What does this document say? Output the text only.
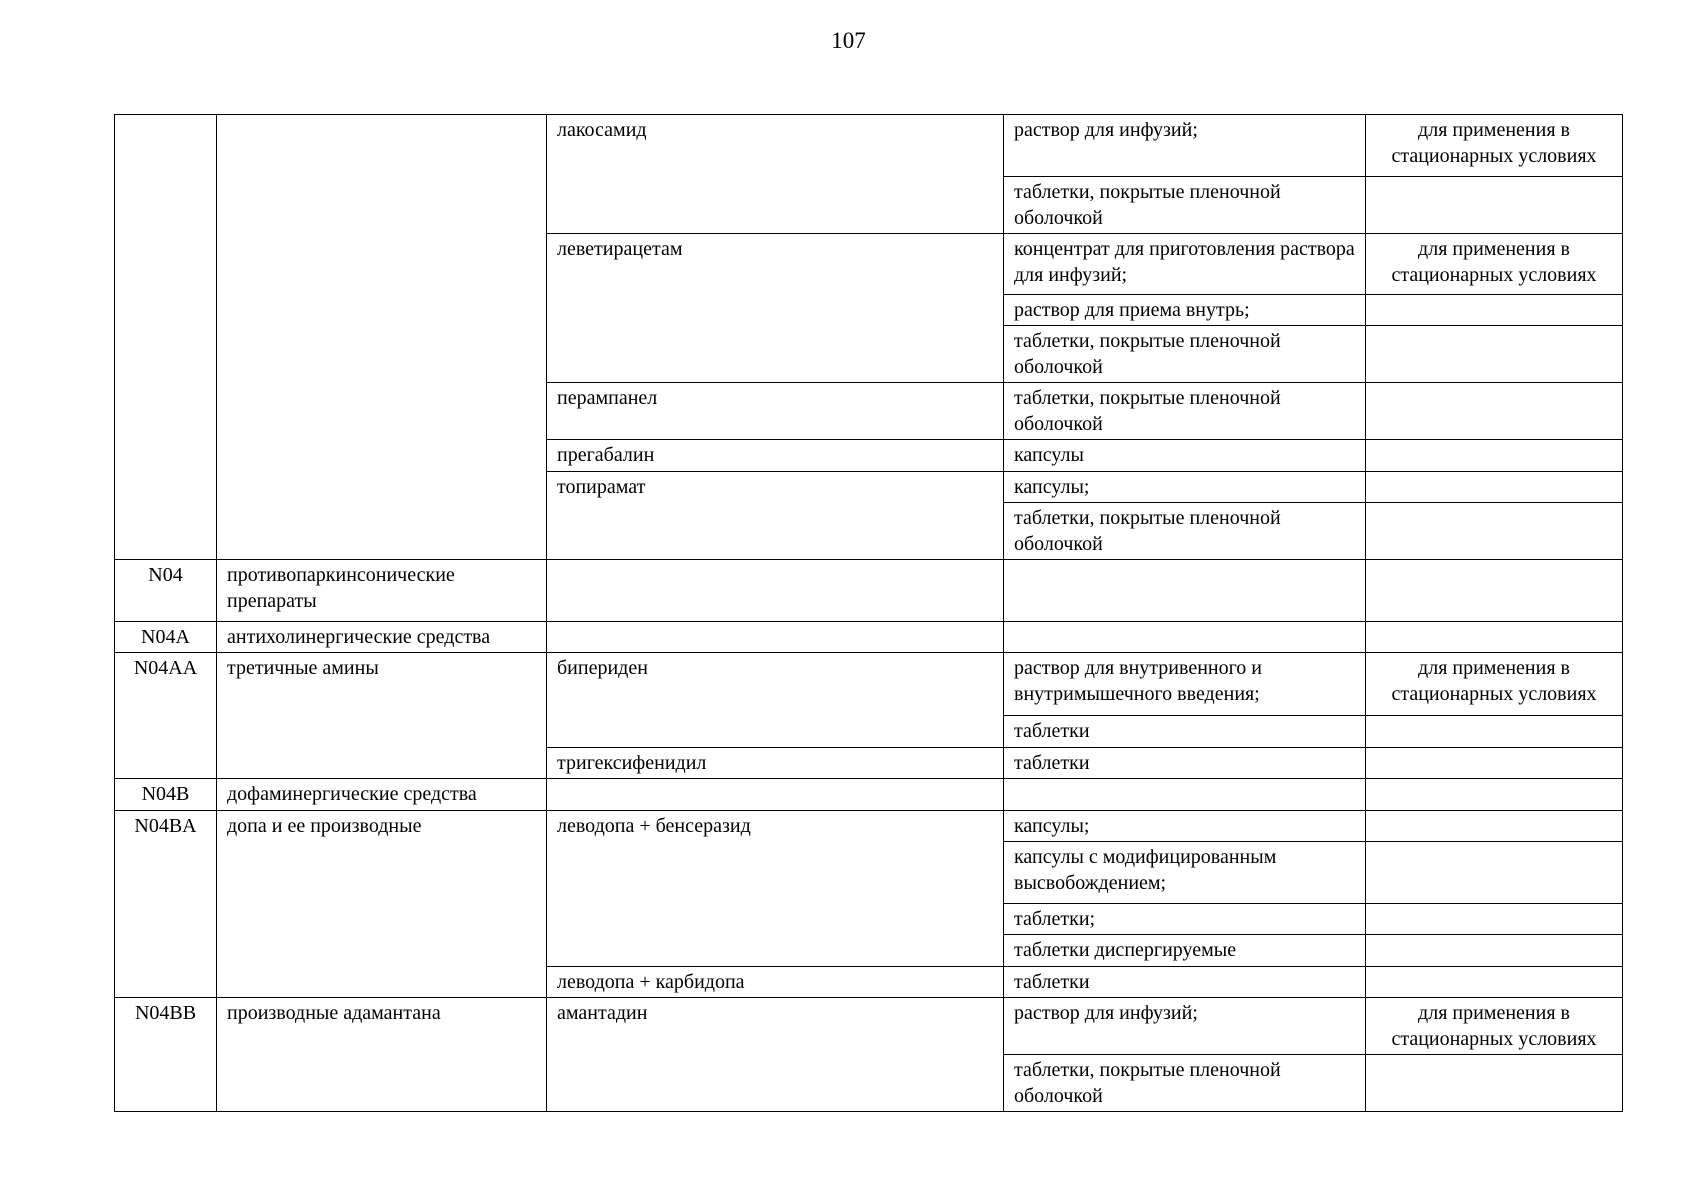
107
		лакосамид	раствор для инфузий;	для применения в стационарных условиях
			таблетки, покрытые пленочной оболочкой	
		леветирацетам	концентрат для приготовления раствора для инфузий;	для применения в стационарных условиях
			раствор для приема внутрь;	
			таблетки, покрытые пленочной оболочкой	
		перампанел	таблетки, покрытые пленочной оболочкой	
		прегабалин	капсулы	
		топирамат	капсулы;	
			таблетки, покрытые пленочной оболочкой	
N04	противопаркинсонические препараты			
N04A	антихолинергические средства			
N04AA	третичные амины	бипериден	раствор для внутривенного и внутримышечного введения;	для применения в стационарных условиях
			таблетки	
		тригексифенидил	таблетки	
N04B	дофаминергические средства			
N04BA	допа и ее производные	леводопа + бенсеразид	капсулы;	
			капсулы с модифицированным высвобождением;	
			таблетки;	
			таблетки диспергируемые	
		леводопа + карбидопа	таблетки	
N04BB	производные адамантана	амантадин	раствор для инфузий;	для применения в стационарных условиях
			таблетки, покрытые пленочной оболочкой	
